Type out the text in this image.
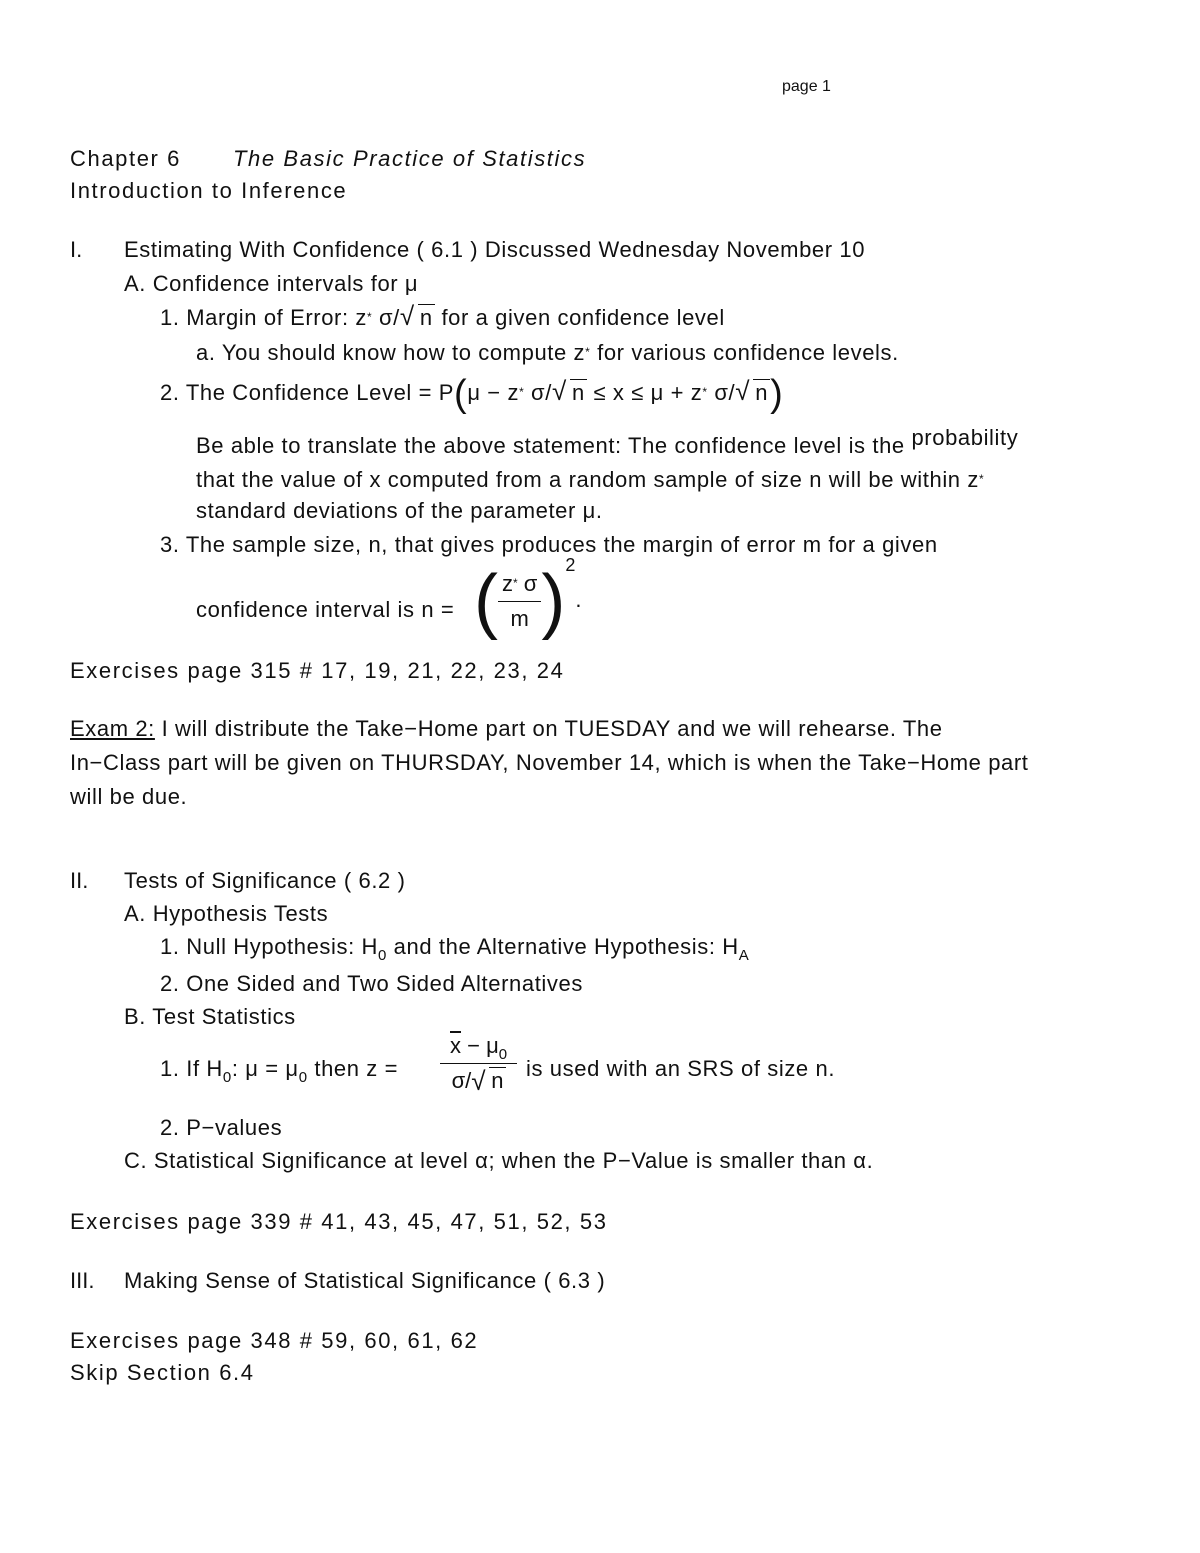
page 1
Chapter 6 The Basic Practice of Statistics
Introduction to Inference
I. Estimating With Confidence ( 6.1 ) Discussed Wednesday November 10
A. Confidence intervals for μ
1. Margin of Error: z* σ/ √ n for a given confidence level
a. You should know how to compute z* for various confidence levels.
2. The Confidence Level = P(μ − z* σ/ √ n ≤ x ≤ μ + z* σ/ √ n)
Be able to translate the above statement: The confidence level is the probability
that the value of x computed from a random sample of size n will be within z*
standard deviations of the parameter μ.
3. The sample size, n, that gives produces the margin of error m for a given
confidence interval is n = ( $\frac{z^* \sigma}{m} )^2$.
Exercises page 315 # 17, 19, 21, 22, 23, 24
Exam 2: I will distribute the Take−Home part on TUESDAY and we will rehearse. The
In−Class part will be given on THURSDAY, November 14, which is when the Take−Home part
will be due.
II. Tests of Significance ( 6.2 )
A. Hypothesis Tests
1. Null Hypothesis: $H_0$ and the Alternative Hypothesis: $H_A$
2. One Sided and Two Sided Alternatives
B. Test Statistics
1. If $H_0$: $\mu = \mu_0$ then $z = \frac{\overline{x} - \mu_0}{\sigma/ √ n}$ is used with an SRS of size n.
2. P−values
C. Statistical Significance at level α; when the P−Value is smaller than α.
Exercises page 339 # 41, 43, 45, 47, 51, 52, 53
III. Making Sense of Statistical Significance ( 6.3 )
Exercises page 348 # 59, 60, 61, 62
Skip Section 6.4
